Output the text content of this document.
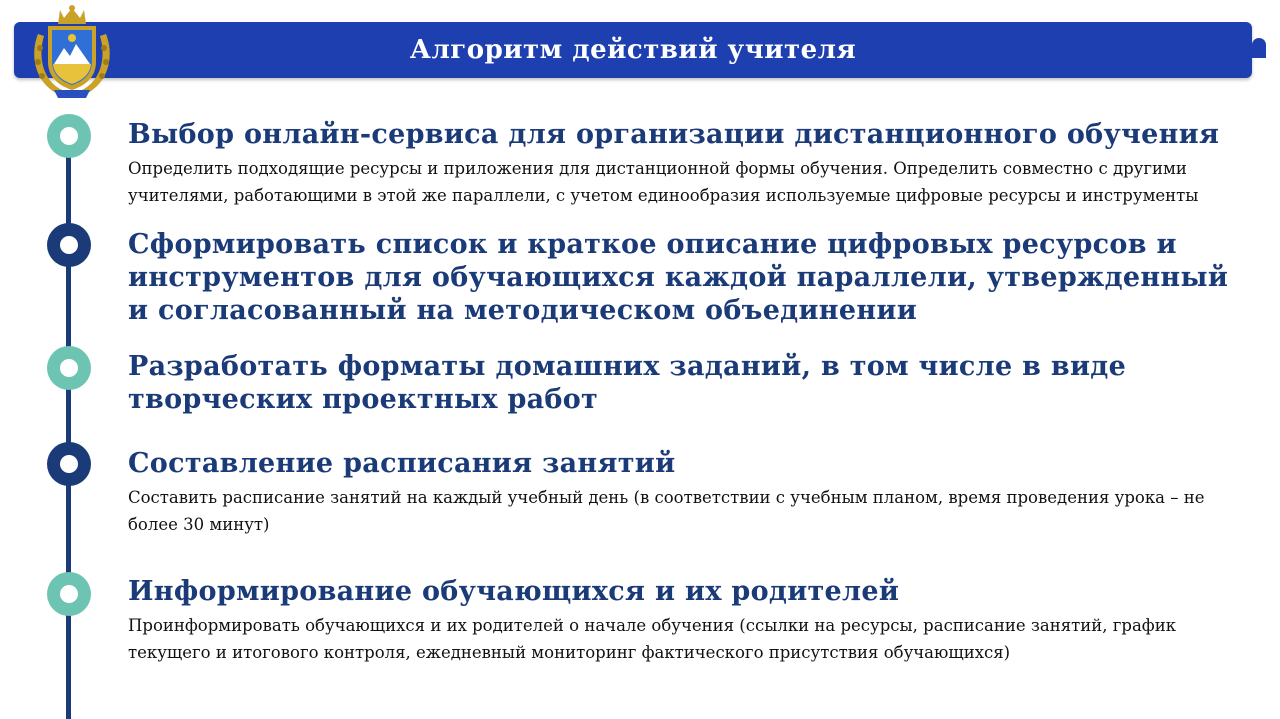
Алгоритм действий учителя
Выбор онлайн-сервиса для организации дистанционного обучения
Определить подходящие ресурсы и приложения для дистанционной формы обучения. Определить совместно с другими учителями, работающими в этой же параллели, с учетом единообразия используемые цифровые ресурсы и инструменты
Сформировать список и краткое описание цифровых ресурсов и инструментов для обучающихся каждой параллели, утвержденный и согласованный на методическом объединении
Разработать форматы домашних заданий, в том числе в виде творческих проектных работ
Составление расписания занятий
Составить расписание занятий на каждый учебный день (в соответствии с учебным планом, время проведения урока – не более 30 минут)
Информирование обучающихся и их родителей
Проинформировать обучающихся и их родителей о начале обучения (ссылки на ресурсы, расписание занятий, график текущего и итогового контроля, ежедневный мониторинг фактического присутствия обучающихся)
